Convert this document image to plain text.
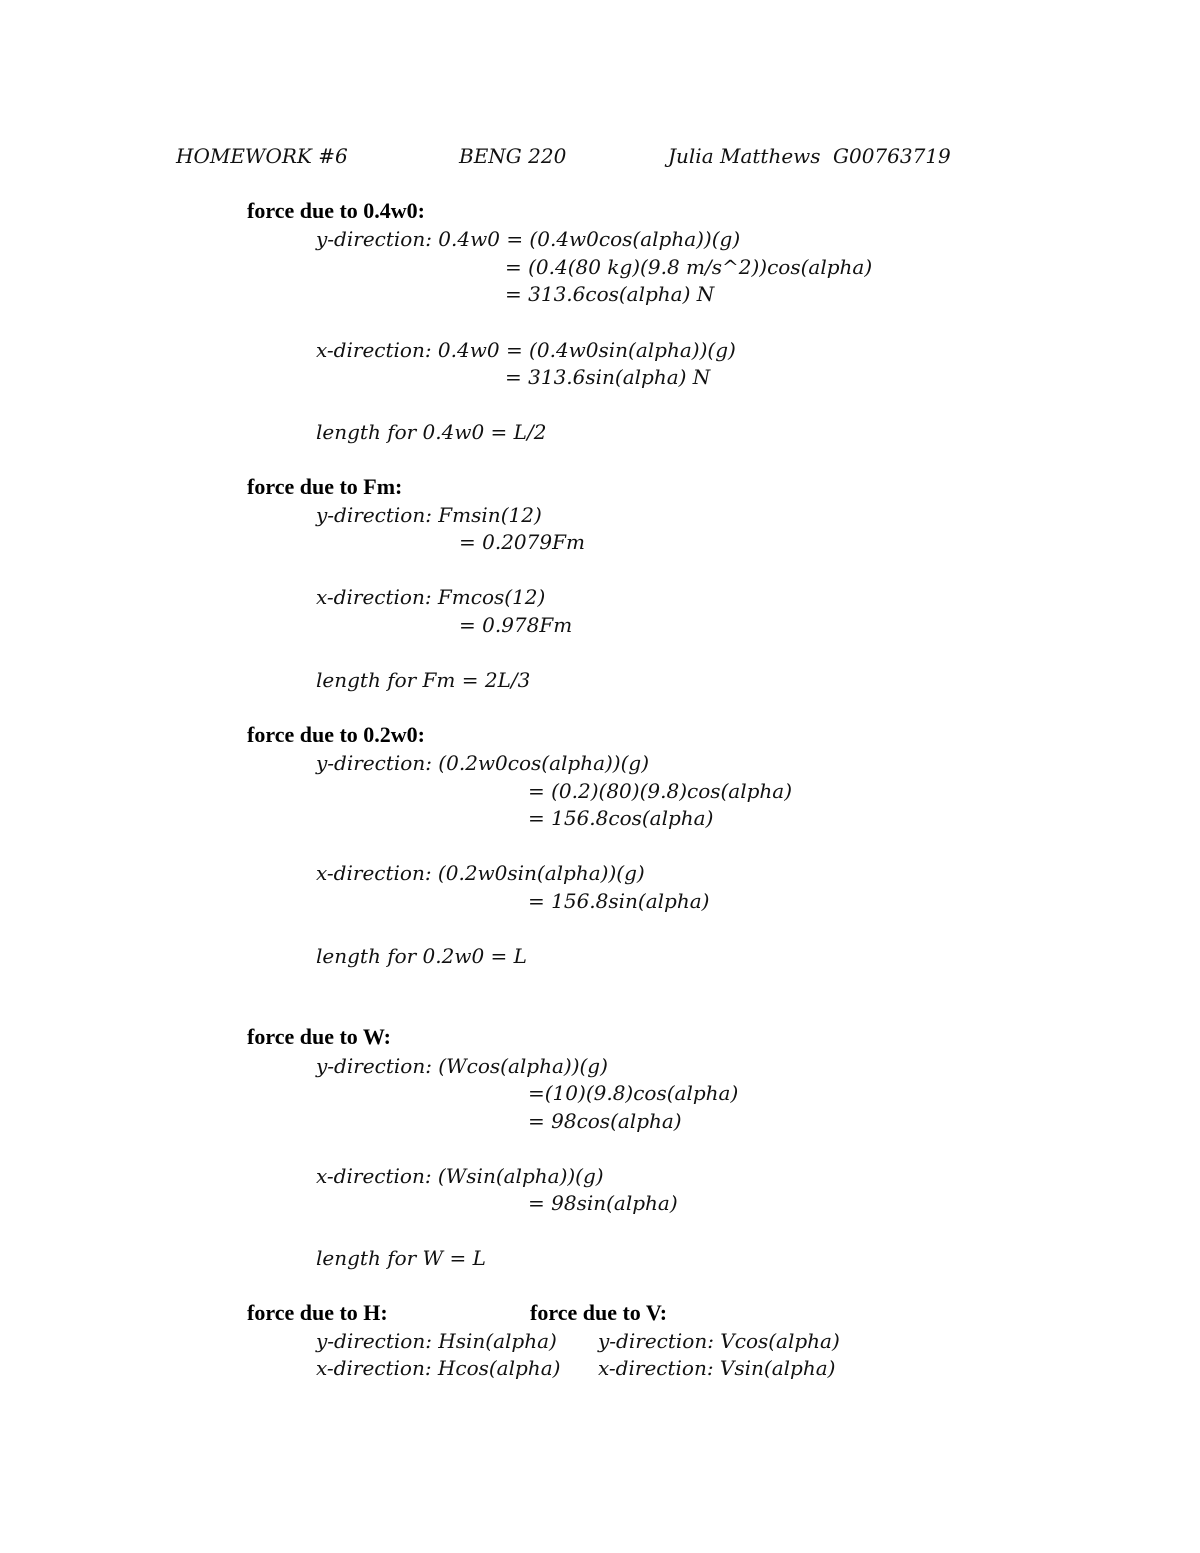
HOMEWORK #6	BENG 220	Julia Matthews G00763719
force due to 0.4w0:
y-direction: 0.4w0 = (0.4w0cos(alpha))(g)
= (0.4(80 kg)(9.8 m/s^2))cos(alpha)
= 313.6cos(alpha) N
x-direction: 0.4w0 = (0.4w0sin(alpha))(g)
= 313.6sin(alpha) N
length for 0.4w0 = L/2
force due to Fm:
y-direction: Fmsin(12)
= 0.2079Fm
x-direction: Fmcos(12)
= 0.978Fm
length for Fm = 2L/3
force due to 0.2w0:
y-direction: (0.2w0cos(alpha))(g)
= (0.2)(80)(9.8)cos(alpha)
= 156.8cos(alpha)
x-direction: (0.2w0sin(alpha))(g)
= 156.8sin(alpha)
length for 0.2w0 = L
force due to W:
y-direction: (Wcos(alpha))(g)
=(10)(9.8)cos(alpha)
= 98cos(alpha)
x-direction: (Wsin(alpha))(g)
= 98sin(alpha)
length for W = L
force due to H:	force due to V:
y-direction: Hsin(alpha) y-direction: Vcos(alpha)
x-direction: Hcos(alpha) x-direction: Vsin(alpha)
